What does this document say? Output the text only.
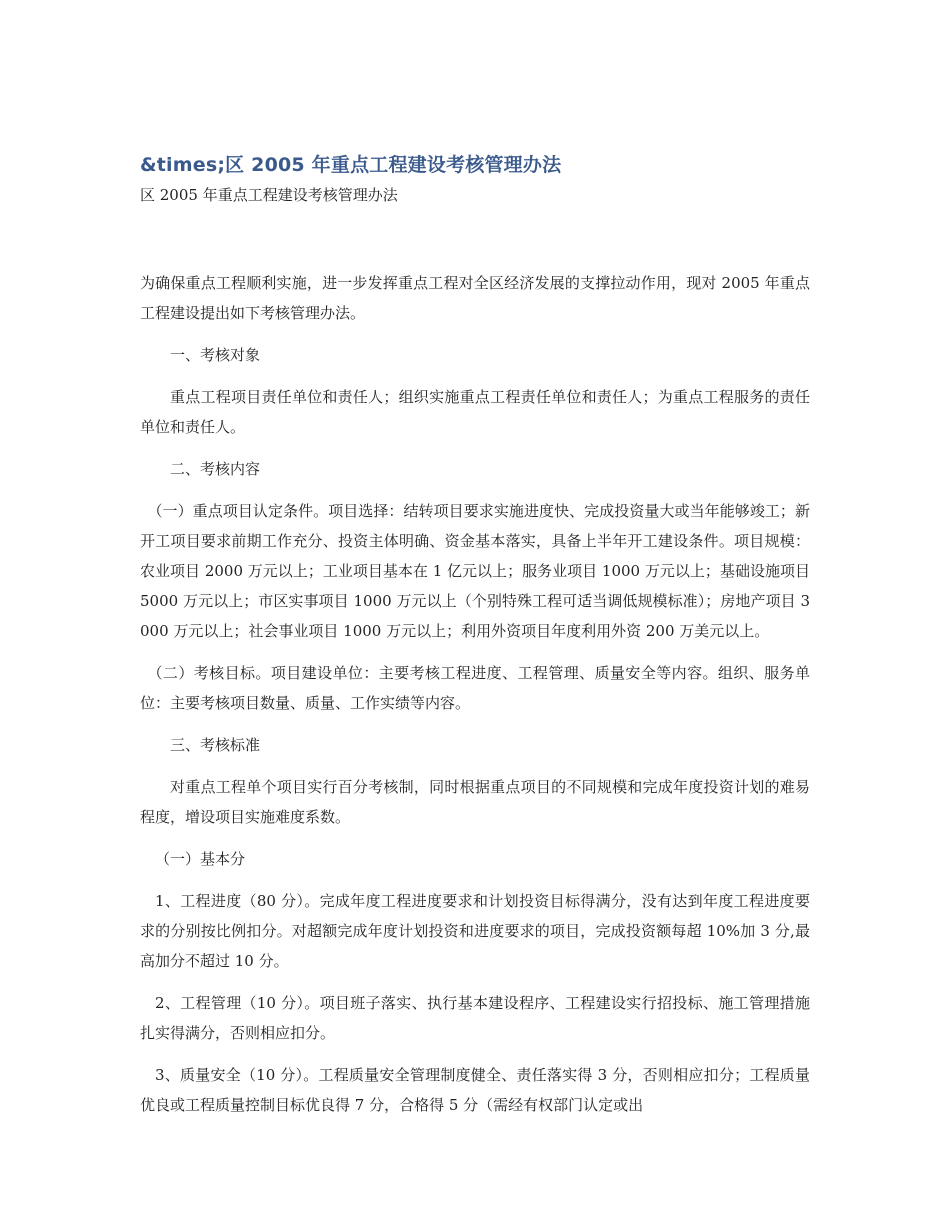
&times;区 2005 年重点工程建设考核管理办法

区 2005 年重点工程建设考核管理办法

为确保重点工程顺利实施，进一步发挥重点工程对全区经济发展的支撑拉动作用，现对 2005 年重点工程建设提出如下考核管理办法。

一、考核对象

重点工程项目责任单位和责任人；组织实施重点工程责任单位和责任人；为重点工程服务的责任单位和责任人。

二、考核内容

（一）重点项目认定条件。项目选择：结转项目要求实施进度快、完成投资量大或当年能够竣工；新开工项目要求前期工作充分、投资主体明确、资金基本落实，具备上半年开工建设条件。项目规模：农业项目 2000 万元以上；工业项目基本在 1 亿元以上；服务业项目 1000 万元以上；基础设施项目 5000 万元以上；市区实事项目 1000 万元以上（个别特殊工程可适当调低规模标准）；房地产项目 3000 万元以上；社会事业项目 1000 万元以上；利用外资项目年度利用外资 200 万美元以上。

（二）考核目标。项目建设单位：主要考核工程进度、工程管理、质量安全等内容。组织、服务单位：主要考核项目数量、质量、工作实绩等内容。

三、考核标准

对重点工程单个项目实行百分考核制，同时根据重点项目的不同规模和完成年度投资计划的难易程度，增设项目实施难度系数。

（一）基本分

1、工程进度（80 分）。完成年度工程进度要求和计划投资目标得满分，没有达到年度工程进度要求的分别按比例扣分。对超额完成年度计划投资和进度要求的项目，完成投资额每超 10%加 3 分,最高加分不超过 10 分。

2、工程管理（10 分）。项目班子落实、执行基本建设程序、工程建设实行招投标、施工管理措施扎实得满分，否则相应扣分。

3、质量安全（10 分）。工程质量安全管理制度健全、责任落实得 3 分，否则相应扣分；工程质量优良或工程质量控制目标优良得 7 分，合格得 5 分（需经有权部门认定或出
